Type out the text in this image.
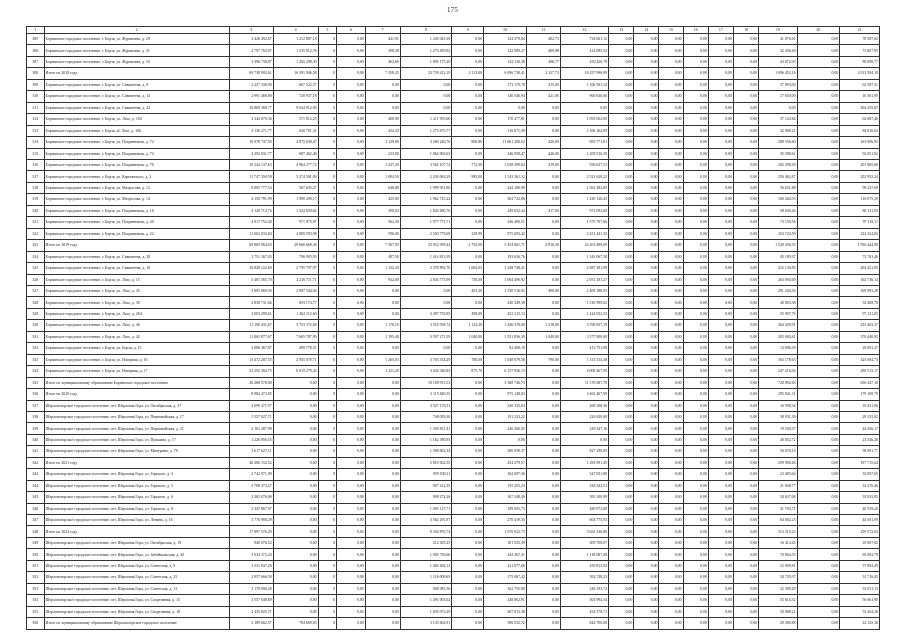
175
1	2	3	4	5	6	7	8	9	10	11	12	13	14	15	16	17	18	19	20	21
305	Борзинское городское поселение, г. Борзя, ул. Журавлева, д. 29	3 426 492,67	1 212 887,18	0	0,00	441,91	1 204 041,69	0,00	124 379,84	402,73	734 061,12	0,00	0,00	0,00	0,00	0,00	0,00	41 876,61	0,00	78 587,02
306	Борзинское городское поселение, г. Борзя, ул. Журавлева, д. 31	2 797 763,97	1 335 912,76	0	0,00	398,38	1 273 859,82	0,00	142 989,27	409,98	414 095,54	0,00	0,00	0,00	0,00	0,00	0,00	32 456,40	0,00	73 807,95
307	Борзинское городское поселение, г. Борзя, ул. Журавлева, д. 33	3 396 730,87	1 265 298,30	0	0,00	462,60	1 805 175,20	0,00	142 130,38	406,77	450 426,78	0,00	0,00	0,00	0,00	0,00	0,00	43 072,03	0,00	80 098,77
308	Итого по 2018 году	69 738 902,61	16 391 946,58	0	0,00	7 358,25	23 759 412,10	2 113,00	6 096 738,41	2 127,73	16 257 996,99	0,00	0,00	0,00	0,00	0,00	0,00	1 096 452,16	0,00	2 013 584,19
309	Борзинское городское поселение, г. Борзя, ул. Савватеева, д. 8	2 227 336,90	667 522,57	0	0,00	0,00	0,00	0,00	173 179,70	415,00	1 106 591,34	0,00	0,00	0,00	0,00	0,00	0,00	37 893,00	0,00	62 587,31
310	Борзинское городское поселение, г. Борзя, ул. Савватеева, д. 14	2 991 469,80	720 937,18	0	0,00	0,00	0,00	0,00	146 546,94	421,00	960 636,60	0,00	0,00	0,00	0,00	0,00	0,00	17 650,00	0,00	16 501,99
311	Борзинское городское поселение, г. Борзя, ул. Савватеева, д. 22	10 869 368,77	9 044 912,90	0	0,00	0,00	0,00	0,00	0,00	0,00	0,00	0,00	0,00	0,00	0,00	0,00	0,00	0,00	0,00	304 455,87
312	Борзинское городское поселение, г. Борзя, ул. Лазо, д. 104	2 344 670,36	571 812,25	0	0,00	400,90	1 211 955,60	0,00	170 477,81	0,00	1 093 002,00	0,00	0,00	0,00	0,00	0,00	0,00	37 143,84	0,00	62 687,46
313	Борзинское городское поселение, г. Борзя, ul. Лазо, д. 106	3 136 271,77	620 701,31	0	0,00	434,35	1 275 675,77	0,00	116 671,58	0,00	1 106 162,09	0,00	0,00	0,00	0,00	0,00	0,00	32 968,21	0,00	84 816,02
314	Борзинское городское поселение, г. Борзя, ул. Пограничная, д. 72	10 978 747,93	4 875 638,47	0	0,00	1 129,80	3 269 246,76	806,80	11 661 280,02	420,00	695 771,81	0,00	0,00	0,00	0,00	0,00	0,00	288 556,60	0,00	163 906,95
315	Борзинское городское поселение, г. Борзя, ул. Пограничная, д. 74	4 292 031,77	687 462,46	0	0,00	223,80	1 864 963,63	0,00	346 958,47	426,00	1 205 016,59	0,00	0,00	0,00	0,00	0,00	0,00	35 588,61	0,00	92 051,82
316	Борзинское городское поселение, г. Борзя, ул. Пограничная, д. 76	10 244 137,63	4 964 277,72	0	0,00	1 237,20	3 562 107,72	772,30	1 028 299,64	419,00	936 027,53	0,00	0,00	0,00	0,00	0,00	0,00	202 298,39	0,00	201 865,66
317	Борзинское городское поселение, г. Борзя, ул. Карпинского, д. 2	11 747 350,59	3 274 501,09	0	0,00	1 094,50	2 230 063,29	983,00	1 143 261,32	0,00	2 521 620,22	0,00	0,00	0,00	0,00	0,00	0,00	256 462,87	0,00	252 952,24
318	Борзинское городское поселение, г. Борзя, ул. Матросова, д. 12	8 805 777,53	567 635,27	0	0,00	646,80	1 999 951,86	0,00	244 186,98	0,00	1 561 382,85	0,00	0,00	0,00	0,00	0,00	0,00	56 631,88	0,00	99 227,69
319	Борзинское городское поселение, г. Борзя, ул. Матросова, д. 14	4 150 791,99	1 990 209,17	0	0,00	425,00	1 962 743,22	0,00	304 722,86	0,00	1 230 126,43	0,00	0,00	0,00	0,00	0,00	0,00	106 264,93	0,00	116 075,29
320	Борзинское городское поселение, г. Борзя, ул. Пограничная, д. 16	4 120 712,76	1 324 650,62	0	0,00	390,03	1 843 680,76	0,00	249 032,44	417,00	972 092,69	0,00	0,00	0,00	0,00	0,00	0,00	58 630,26	0,00	80 131,05
321	Борзинское городское поселение, г. Борзя, ул. Пограничная, д. 20	4 917 752,40	971 975,97	0	0,00	562,30	1 977 771,71	0,00	246 490,51	0,00	1 575 767,66	0,00	0,00	0,00	0,00	0,00	0,00	73 150,56	0,00	97 118,11
322	Борзинское городское поселение, г. Борзя, ул. Пограничная, д. 22	11 662 033,84	4 809 593,98	0	0,00	596,00	2 550 779,69	229,90	975 693,42	0,00	2 431 441,33	0,00	0,00	0,00	0,00	0,00	0,00	163 724,59	0,00	224 324,83
323	Итого по 2019 году	69 865 964,03	29 666 668,36	0	0,00	7 567,93	23 052 399,43	2 792,00	5 454 661,71	2 816,30	23 203 489,69	0,00	0,00	0,00	0,00	0,00	0,00	1 520 456,55	0,00	1 956 444,90
324	Борзинское городское поселение, г. Борзя, ул. Савватеева, д. 28	3 751 167,03	706 905,93	0	0,00	487,50	1 414 813,39	0,00	193 626,76	0,00	1 343 067,58	0,00	0,00	0,00	0,00	0,00	0,00	45 189,37	0,00	72 763,46
325	Борзинское городское поселение, г. Борзя, ул. Савватеева, д. 18	10 828 122,60	2 795 797,97	0	0,00	1 152,20	2 378 892,76	1 002,03	1 249 748,41	0,00	2 987 281,99	0,00	0,00	0,00	0,00	0,00	0,00	232 130,85	0,00	204 421,95
326	Борзинское городское поселение, г. Борзя, ул. Лазо, д. 15	5 401 565,70	2 216 711,71	0	0,00	932,00	2 843 773,99	750,00	1 064 496,92	0,00	2 051 181,27	0,00	0,00	0,00	0,00	0,00	0,00	263 094,69	0,00	162 736,14
327	Борзинское городское поселение, г. Борзя, ул. Лазо, д. 35	3 895 869,30	2 897 344,04	0	0,00	0,00	0,00	491,30	1 130 516,92	490,00	1 409 188,95	0,00	0,00	0,00	0,00	0,00	0,00	291 244,54	0,00	169 993,29
328	Борзинское городское поселение, г. Борзя, ул. Лазо, д. 39	2 838 731,66	693 174,77	0	0,00	0,00	0,00	0,00	240 349,38	0,00	1 516 999,02	0,00	0,00	0,00	0,00	0,00	0,00	40 803,38	0,00	54 408,78
329	Борзинское городское поселение, г. Борзя, ул. Лазо, д. 26А	3 003 299,61	1 462 112,60	0	0,00	0,00	3 497 755,85	499,00	453 315,12	0,00	1 424 032,53	0,00	0,00	0,00	0,00	0,00	0,00	55 907,76	0,00	97 131,05
330	Борзинское городское поселение, г. Борзя, ул. Лазо, д. 40	11 190 431,67	3 753 372,84	0	0,00	1 178,10	3 318 558,72	1 124,30	1 446 319,00	1 218,00	3 769 657,19	0,00	0,00	0,00	0,00	0,00	0,00	364 439,91	0,00	233 403,37
331	Борзинское городское поселение, г. Борзя, ул. Лазо, д. 42	11 865 877,67	7 605 787,99	0	0,00	1 195,40	3 597 271,59	1 040,00	1 551 836,39	1 040,00	3 377 900,00	0,00	0,00	0,00	0,00	0,00	0,00	205 084,41	0,00	370 440,93
332	Борзинское городское поселение, г. Борзя, ул. Борзя, д. 15	3 086 367,87	499 778,51	0	0,00	0,00	0,00	0,00	82 408,19	0,00	413 751,98	0,00	0,00	0,00	0,00	0,00	0,00	13 696,39	0,00	29 091,27
333	Борзинское городское поселение, г. Борзя, ул. Нагорная, д. 16	13 472 287,55	4 955 070,71	0	0,00	1 265,03	3 703 534,29	780,00	1 048 079,38	790,00	1 313 514,30	0,00	0,00	0,00	0,00	0,00	0,00	303 178,63	0,00	325 084,73
334	Борзинское городское поселение, г. Борзя, ул. Нагорная, д. 17	52 292 394,75	6 019 279,43	0	0,00	1 221,20	3 434 340,83	875,70	6 157 936,13	0,00	4 000 467,99	0,00	0,00	0,00	0,00	0,00	0,00	247 216,94	0,00	296 513,17
335	Итого по муниципальному образованию Борзинское городское поселение	26 268 578,80	0,00	0	0,00	0,00	10 108 913,53	0,00	3 368 746,73	0,00	11 170 687,70	0,00	0,00	0,00	0,00	0,00	0,00	728 892,63	0,00	656 447,10
336	Итого по 2020 году	8 984 473,85	0,00	0	0,00	0,00	3 115 849,35	0,00	975 148,83	0,00	3 462 467,99	0,00	0,00	0,00	0,00	0,00	0,00	295 841,31	0,00	179 169,70
337	Шерловогорское городское поселение, пгт. Шерловая Гора, ул. Октябрьская, д. 27	3 099 471,97	0,00	0	0,00	0,00	3 527 176,51	0,00	320 335,84	0,00	268 108,36	0,00	0,00	0,00	0,00	0,00	0,00	16 590,34	0,00	19 431,06
338	Шерловогорское городское поселение, пгт. Шерловая Гора, ул. Первомайская, д. 17	5 557 027,71	0,00	0	0,00	0,00	748 039,30	0,00	191 233,22	0,00	226 820,00	0,00	0,00	0,00	0,00	0,00	0,00	38 931,39	0,00	29 155,02
339	Шерловогорское городское поселение, пгт. Шерловая Гора, ул. Первомайская, д. 21	2 161 287,99	0,00	0	0,00	0,00	1 330 831,41	0,00	246 566,05	0,00	349 347,16	0,00	0,00	0,00	0,00	0,00	0,00	19 540,57	0,00	44 456,17
340	Шерловогорское городское поселение, пгт. Шерловая Гора, ул. Пушкина, д. 17	1 226 856,55	0,00	0	0,00	0,00	1 162 390,93	0,00	0,00	0,00	0,00	0,00	0,00	0,00	0,00	0,00	0,00	40 852,72	0,00	23 546,20
341	Шерловогорское городское поселение, пгт. Шерловая Гора, ул. Мичурина, д. 78	3 617 627,11	0,00	0	0,00	0,00	1 598 662,34	0,00	286 939,37	0,00	827 290,85	0,00	0,00	0,00	0,00	0,00	0,00	56 670,14	0,00	58 091,77
342	Итого по 2021 году	46 206 152,52	0,00	0	0,00	0,00	5 810 302,55	0,00	454 279,57	0,00	1 293 991,45	0,00	0,00	0,00	0,00	0,00	0,00	259 900,46	0,00	197 715,64
343	Шерловогорское городское поселение, пгт. Шерловая Гора, ул. Горького, д. 4	2 742 971,90	0,00	0	0,00	0,00	959 930,11	0,00	162 697,56	0,00	347 051,80	0,00	0,00	0,00	0,00	0,00	0,00	23 483,64	0,00	33 097,65
344	Шерловогорское городское поселение, пгт. Шерловая Гора, ул. Горького, д. 5	3 788 473,57	0,00	0	0,00	0,00	907 412,35	0,00	155 255,23	0,00	338 342,51	0,00	0,00	0,00	0,00	0,00	0,00	21 848,77	0,00	32 276,46
345	Шерловогорское городское поселение, пгт. Шерловая Гора, ул. Горького, д. 6	3 265 076,06	0,00	0	0,00	0,00	908 274,26	0,00	167 248,40	0,00	393 100,99	0,00	0,00	0,00	0,00	0,00	0,00	34 637,68	0,00	33 935,85
346	Шерловогорское городское поселение, пгт. Шерловая Гора, ул. Горького, д. 8	2 347 867,97	0,00	0	0,00	0,00	1 005 127,71	0,00	199 005,73	0,00	480 972,08	0,00	0,00	0,00	0,00	0,00	0,00	41 703,71	0,00	40 559,20
347	Шерловогорское городское поселение, пгт. Шерловая Гора, ул. Ленина, д. 16	3 776 968,29	0,00	0	0,00	0,00	3 562 291,87	0,00	270 419,35	0,00	604 775,93	0,00	0,00	0,00	0,00	0,00	0,00	64 002,23	0,00	44 501,09
348	Итого по 2022 году	17 897 576,29	0,00	0	0,00	0,00	9 354 876,74	0,00	1 670 922,73	0,00	5 652 336,86	0,00	0,00	0,00	0,00	0,00	0,00	313 219,23	0,00	259 572,04
349	Шерловогорское городское поселение, пгт. Шерловая Гора, ул. Октябрьская, д. 19	940 076,52	0,00	0	0,00	0,00	312 305,25	0,00	101 535,39	0,00	309 708,07	0,00	0,00	0,00	0,00	0,00	0,00	16 414,45	0,00	18 007,82
350	Шерловогорское городское поселение, пгт. Шерловая Гора, ул. Забайкальская, д. 20	3 034 372,43	0,00	0	0,00	0,00	1 905 736,66	0,00	244 367,31	0,00	1 138 687,49	0,00	0,00	0,00	0,00	0,00	0,00	70 864,55	0,00	65 692,79
351	Шерловогорское городское поселение, пгт. Шерловая Гора, ул. Советская, д. 8	3 231 847,26	0,00	0	0,00	0,00	1 402 494,13	0,00	221 877,66	0,00	450 813,92	0,00	0,00	0,00	0,00	0,00	0,00	52 009,81	0,00	57 092,49
352	Шерловогорское городское поселение, пгт. Шерловая Гора, ул. Советская, д. 25	2 857 666,59	0,00	0	0,00	0,00	1 116 009,63	0,00	175 067,42	0,00	392 728,23	0,00	0,00	0,00	0,00	0,00	0,00	34 729,37	0,00	31 716,45
353	Шерловогорское городское поселение, пгт. Шерловая Гора, ул. Советская, д. 13	3 178 096,28	0,00	0	0,00	0,00	949 381,56	0,00	162 755,80	0,00	348 193,72	0,00	0,00	0,00	0,00	0,00	0,00	32 399,29	0,00	33 031,13
354	Шерловогорское городское поселение, пгт. Шерловая Гора, ул. Спортивная, д. 15	3 557 648,69	0,00	0	0,00	0,00	1 491 003,62	0,00	248 862,91	0,00	504 994,34	0,00	0,00	0,00	0,00	0,00	0,00	55 614,32	0,00	56 661,90
355	Шерловогорское городское поселение, пгт. Шерловая Гора, ул. Спортивная, д. 18	2 435 825,71	0,00	0	0,00	0,00	1 835 073,29	0,00	267 813,38	0,00	454 578,71	0,00	0,00	0,00	0,00	0,00	0,00	50 008,21	0,00	53 264,36
356	Итого по муниципальному образованию Шерловогорское городское поселение	2 189 662,57	784 669,03	0	0,00	0,00	3 135 662,91	0,00	396 552,72	0,00	844 700,68	0,00	0,00	0,00	0,00	0,00	0,00	29 490,88	0,00	22 125,16
